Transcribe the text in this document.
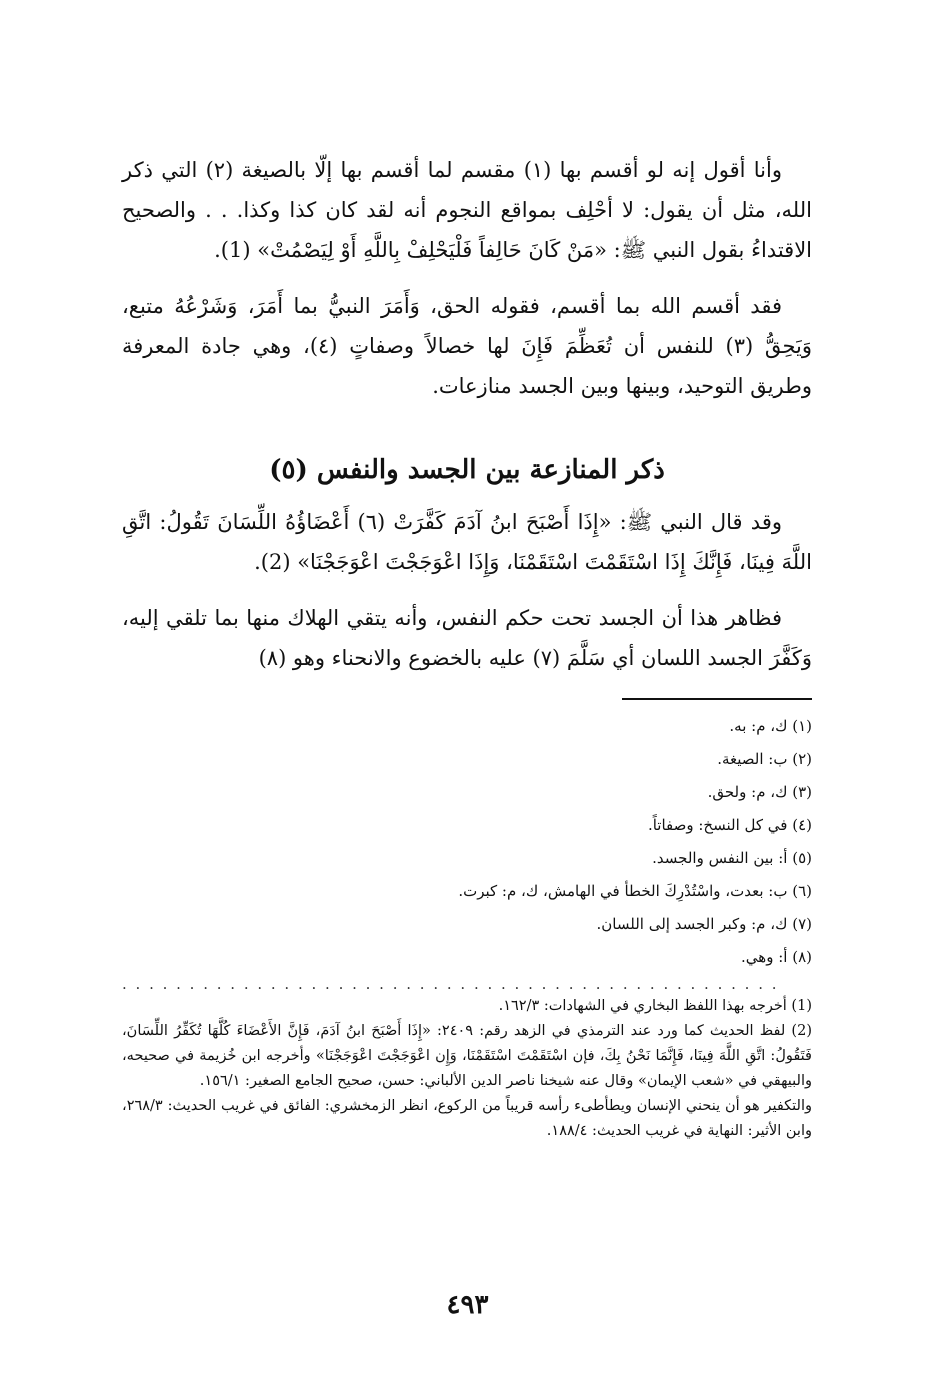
وأنا أقول إنه لو أقسم بها (١) مقسم لما أقسم بها إلّا بالصيغة (٢) التي ذكر الله، مثل أن يقول: لا أحْلِف بمواقع النجوم أنه لقد كان كذا وكذا. . . والصحيح الاقتداءُ بقول النبي ﷺ: «مَنْ كَانَ حَالِفاً فَلْيَحْلِفْ بِاللَّهِ أَوْ لِيَصْمُتْ» (1).

فقد أقسم الله بما أقسم، فقوله الحق، وَأَمَرَ النبيُّ بما أَمَرَ، وَشَرْعُهُ متبع، وَيَحِقُّ (٣) للنفس أن تُعَظِّمَ فَإِنَ لها خصالاً وصفاتٍ (٤)، وهي جادة المعرفة وطريق التوحيد، وبينها وبين الجسد منازعات.

ذكر المنازعة بين الجسد والنفس (٥)

وقد قال النبي ﷺ: «إِذَا أَصْبَحَ ابنُ آدَمَ كَفَّرَتْ (٦) أَعْضَاؤُهُ اللِّسَانَ تَقُولُ: اتَّقِ اللَّهَ فِينَا، فَإِنَّكَ إِذَا اسْتَقَمْتَ اسْتَقَمْنَا، وَإِذَا اعْوَجَجْتَ اعْوَجَجْنَا» (2).

فظاهر هذا أن الجسد تحت حكم النفس، وأنه يتقي الهلاك منها بما تلقي إليه، وَكَفَّرَ الجسد اللسان أي سَلَّمَ (٧) عليه بالخضوع والانحناء وهو (٨)

(١) ك، م: به.
(٢) ب: الصيغة.
(٣) ك، م: ولحق.
(٤) في كل النسخ: وصفاتاً.
(٥) أ: بين النفس والجسد.
(٦) ب: بعدت، واسْتُدْرِكَ الخطأ في الهامش، ك، م: كبرت.
(٧) ك، م: وكبر الجسد إلى اللسان.
(٨) أ: وهي.
. . . . . . . . . . . . . . . . . . . . . . . . . . . . . . . . . . . . . . . . . . . . . . . . .
(1) أخرجه بهذا اللفظ البخاري في الشهادات: ١٦٢/٣.
(2) لفظ الحديث كما ورد عند الترمذي في الزهد رقم: ٢٤٠٩: «إِذَا أَصْبَحَ ابنُ آدَمَ، فَإِنَّ الأَعْضَاءَ كُلَّهَا تُكَفِّرُ اللِّسَانَ، فَتَقُولُ: اتَّقِ اللَّهَ فِينَا، فَإِنَّمَا نَحْنُ بِكَ، فإن اسْتَقَمْتَ اسْتَقَمْنَا، وَإِن اعْوَجَجْتَ اعْوَجَجْنَا» وأخرجه ابن خُزيمة في صحيحه، والبيهقي في «شعب الإيمان» وقال عنه شيخنا ناصر الدين الألباني: حسن، صحيح الجامع الصغير: ١٥٦/١.
والتكفير هو أن ينحني الإنسان ويطأطىء رأسه قريباً من الركوع، انظر الزمخشري: الفائق في غريب الحديث: ٢٦٨/٣، وابن الأثير: النهاية في غريب الحديث: ١٨٨/٤.
٤٩٣
